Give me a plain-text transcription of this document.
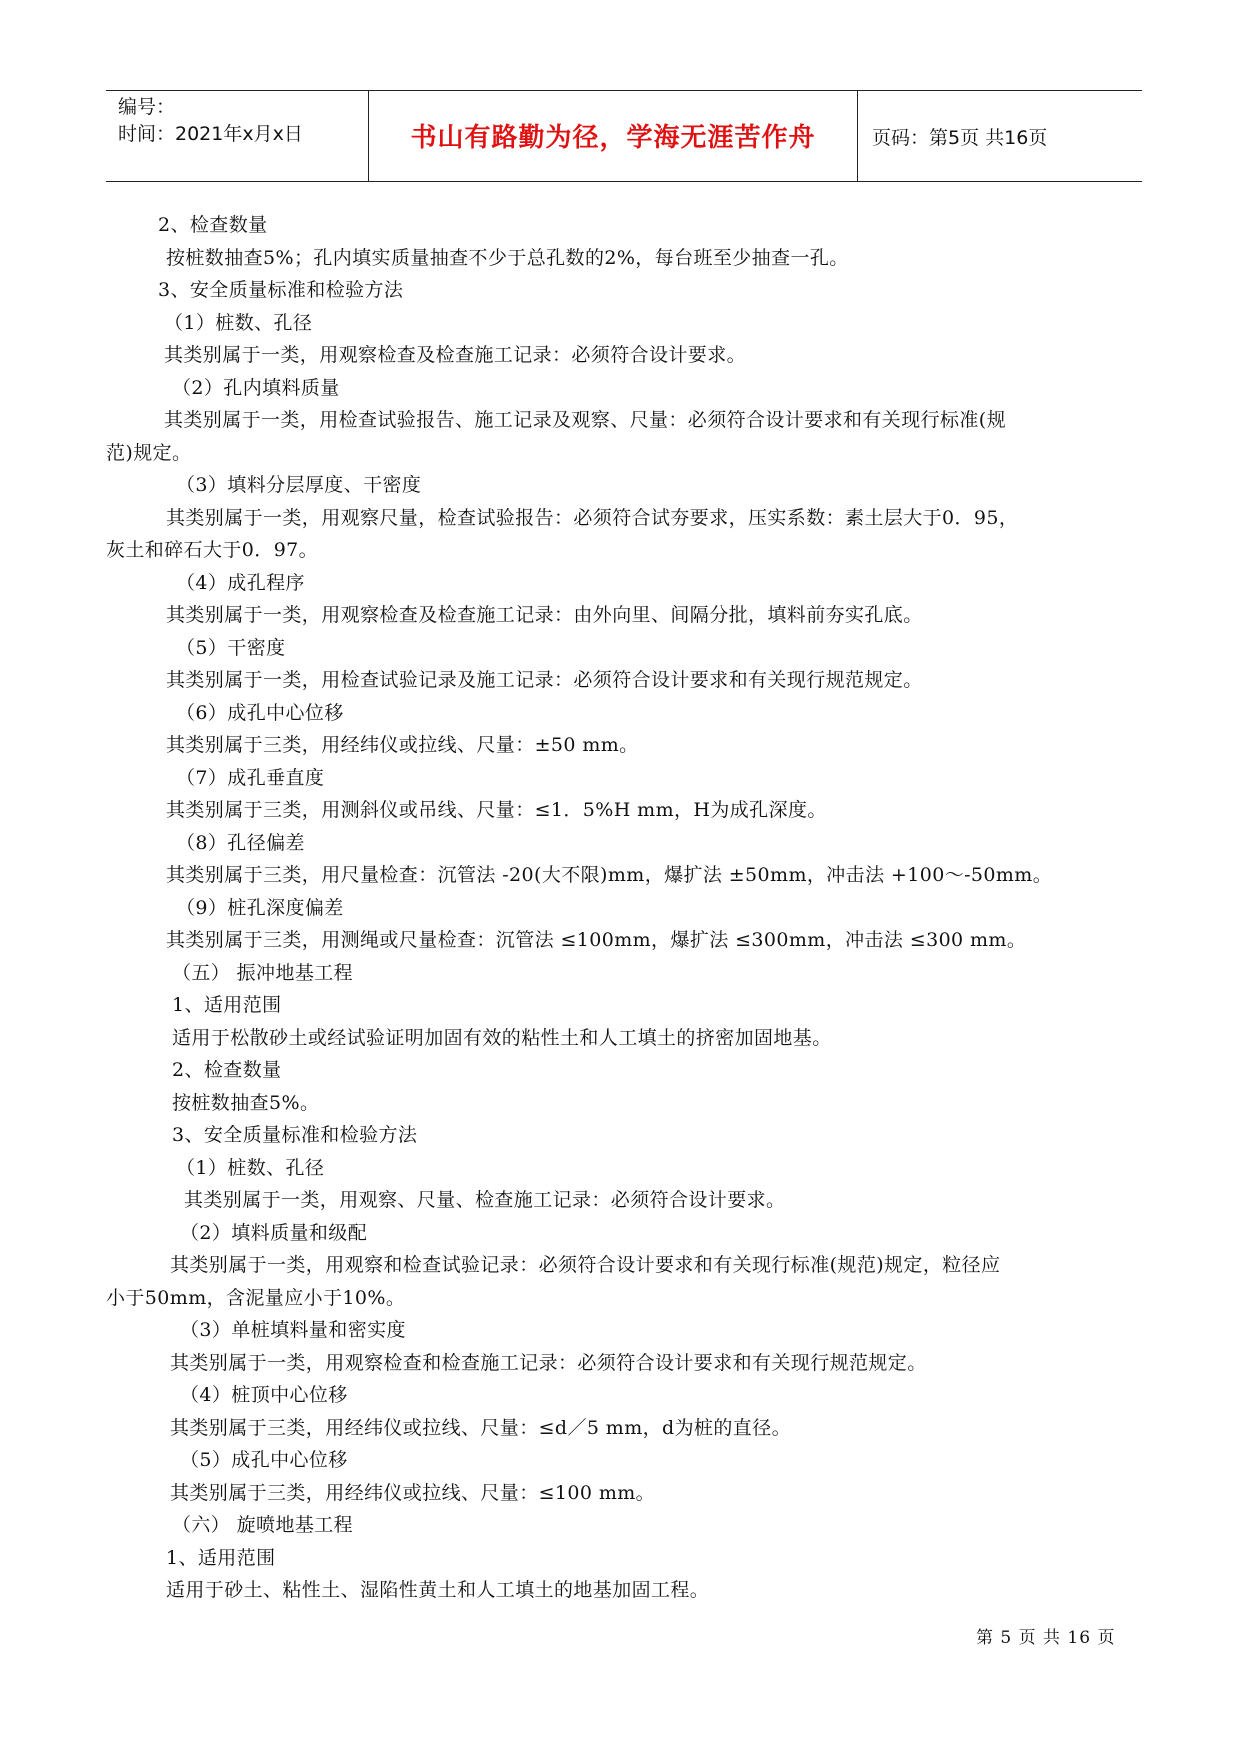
编号：
时间：2021年x月x日	书山有路勤为径，学海无涯苦作舟	页码：第5页 共16页
2、检查数量
按桩数抽查5%；孔内填实质量抽查不少于总孔数的2%，每台班至少抽查一孔。
3、安全质量标准和检验方法
（1）桩数、孔径
其类别属于一类，用观察检查及检查施工记录：必须符合设计要求。
（2）孔内填料质量
其类别属于一类，用检查试验报告、施工记录及观察、尺量：必须符合设计要求和有关现行标准(规
范)规定。
（3）填料分层厚度、干密度
其类别属于一类，用观察尺量，检查试验报告：必须符合试夯要求，压实系数：素土层大于0．95，
灰土和碎石大于0．97。
（4）成孔程序
其类别属于一类，用观察检查及检查施工记录：由外向里、间隔分批，填料前夯实孔底。
（5）干密度
其类别属于一类，用检查试验记录及施工记录：必须符合设计要求和有关现行规范规定。
（6）成孔中心位移
其类别属于三类，用经纬仪或拉线、尺量：±50 mm。
（7）成孔垂直度
其类别属于三类，用测斜仪或吊线、尺量：≤1．5%H mm，H为成孔深度。
（8）孔径偏差
其类别属于三类，用尺量检查：沉管法 -20(大不限)mm，爆扩法 ±50mm，冲击法 +100～-50mm。
（9）桩孔深度偏差
其类别属于三类，用测绳或尺量检查：沉管法 ≤100mm，爆扩法 ≤300mm，冲击法 ≤300 mm。
（五） 振冲地基工程
1、适用范围
适用于松散砂土或经试验证明加固有效的粘性土和人工填土的挤密加固地基。
2、检查数量
按桩数抽查5%。
3、安全质量标准和检验方法
（1）桩数、孔径
其类别属于一类，用观察、尺量、检查施工记录：必须符合设计要求。
（2）填料质量和级配
其类别属于一类，用观察和检查试验记录：必须符合设计要求和有关现行标准(规范)规定，粒径应
小于50mm，含泥量应小于10%。
（3）单桩填料量和密实度
其类别属于一类，用观察检查和检查施工记录：必须符合设计要求和有关现行规范规定。
（4）桩顶中心位移
其类别属于三类，用经纬仪或拉线、尺量：≤d／5 mm，d为桩的直径。
（5）成孔中心位移
其类别属于三类，用经纬仪或拉线、尺量：≤100 mm。
（六） 旋喷地基工程
1、适用范围
适用于砂土、粘性土、湿陷性黄土和人工填土的地基加固工程。
第 5 页 共 16 页
